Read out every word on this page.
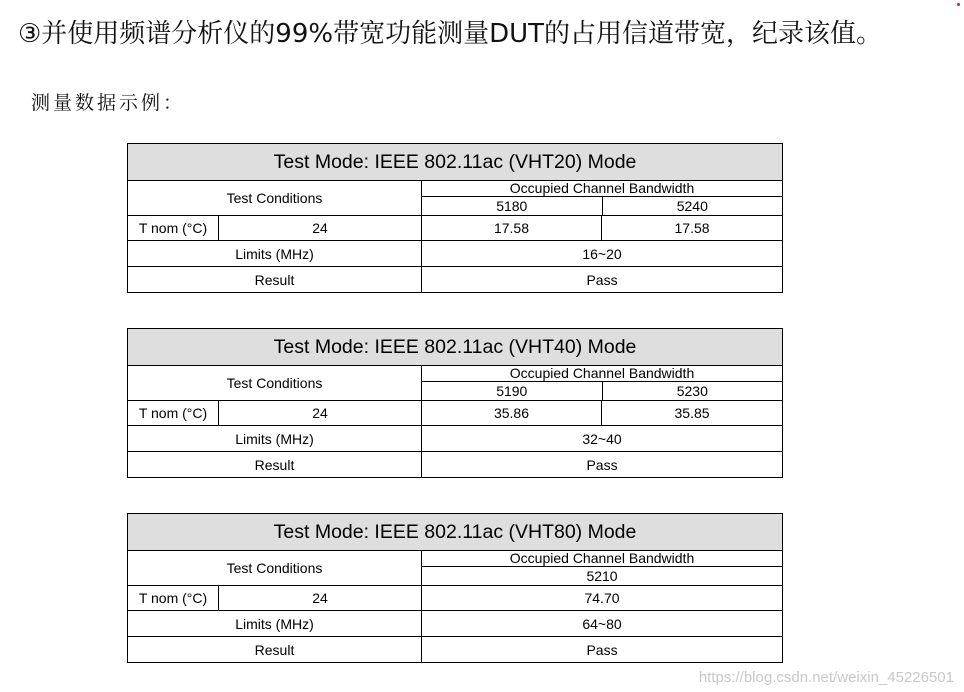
③并使用频谱分析仪的99%带宽功能测量DUT的占用信道带宽，纪录该值。
测量数据示例：
Test Mode: IEEE 802.11ac (VHT20) Mode			
Test Conditions		Occupied Channel Bandwidth
5180 5240	

T nom (°C)	24	17.58	17.58
Limits (MHz)		16~20	
Result		Pass	
Test Mode: IEEE 802.11ac (VHT40) Mode			
Test Conditions		Occupied Channel Bandwidth
5190 5230	

T nom (°C)	24	35.86	35.85
Limits (MHz)		32~40	
Result		Pass	
Test Mode: IEEE 802.11ac (VHT80) Mode		
Test Conditions		Occupied Channel Bandwidth
5210

T nom (°C)	24	74.70
Limits (MHz)		64~80
Result		Pass
https://blog.csdn.net/weixin_45226501
